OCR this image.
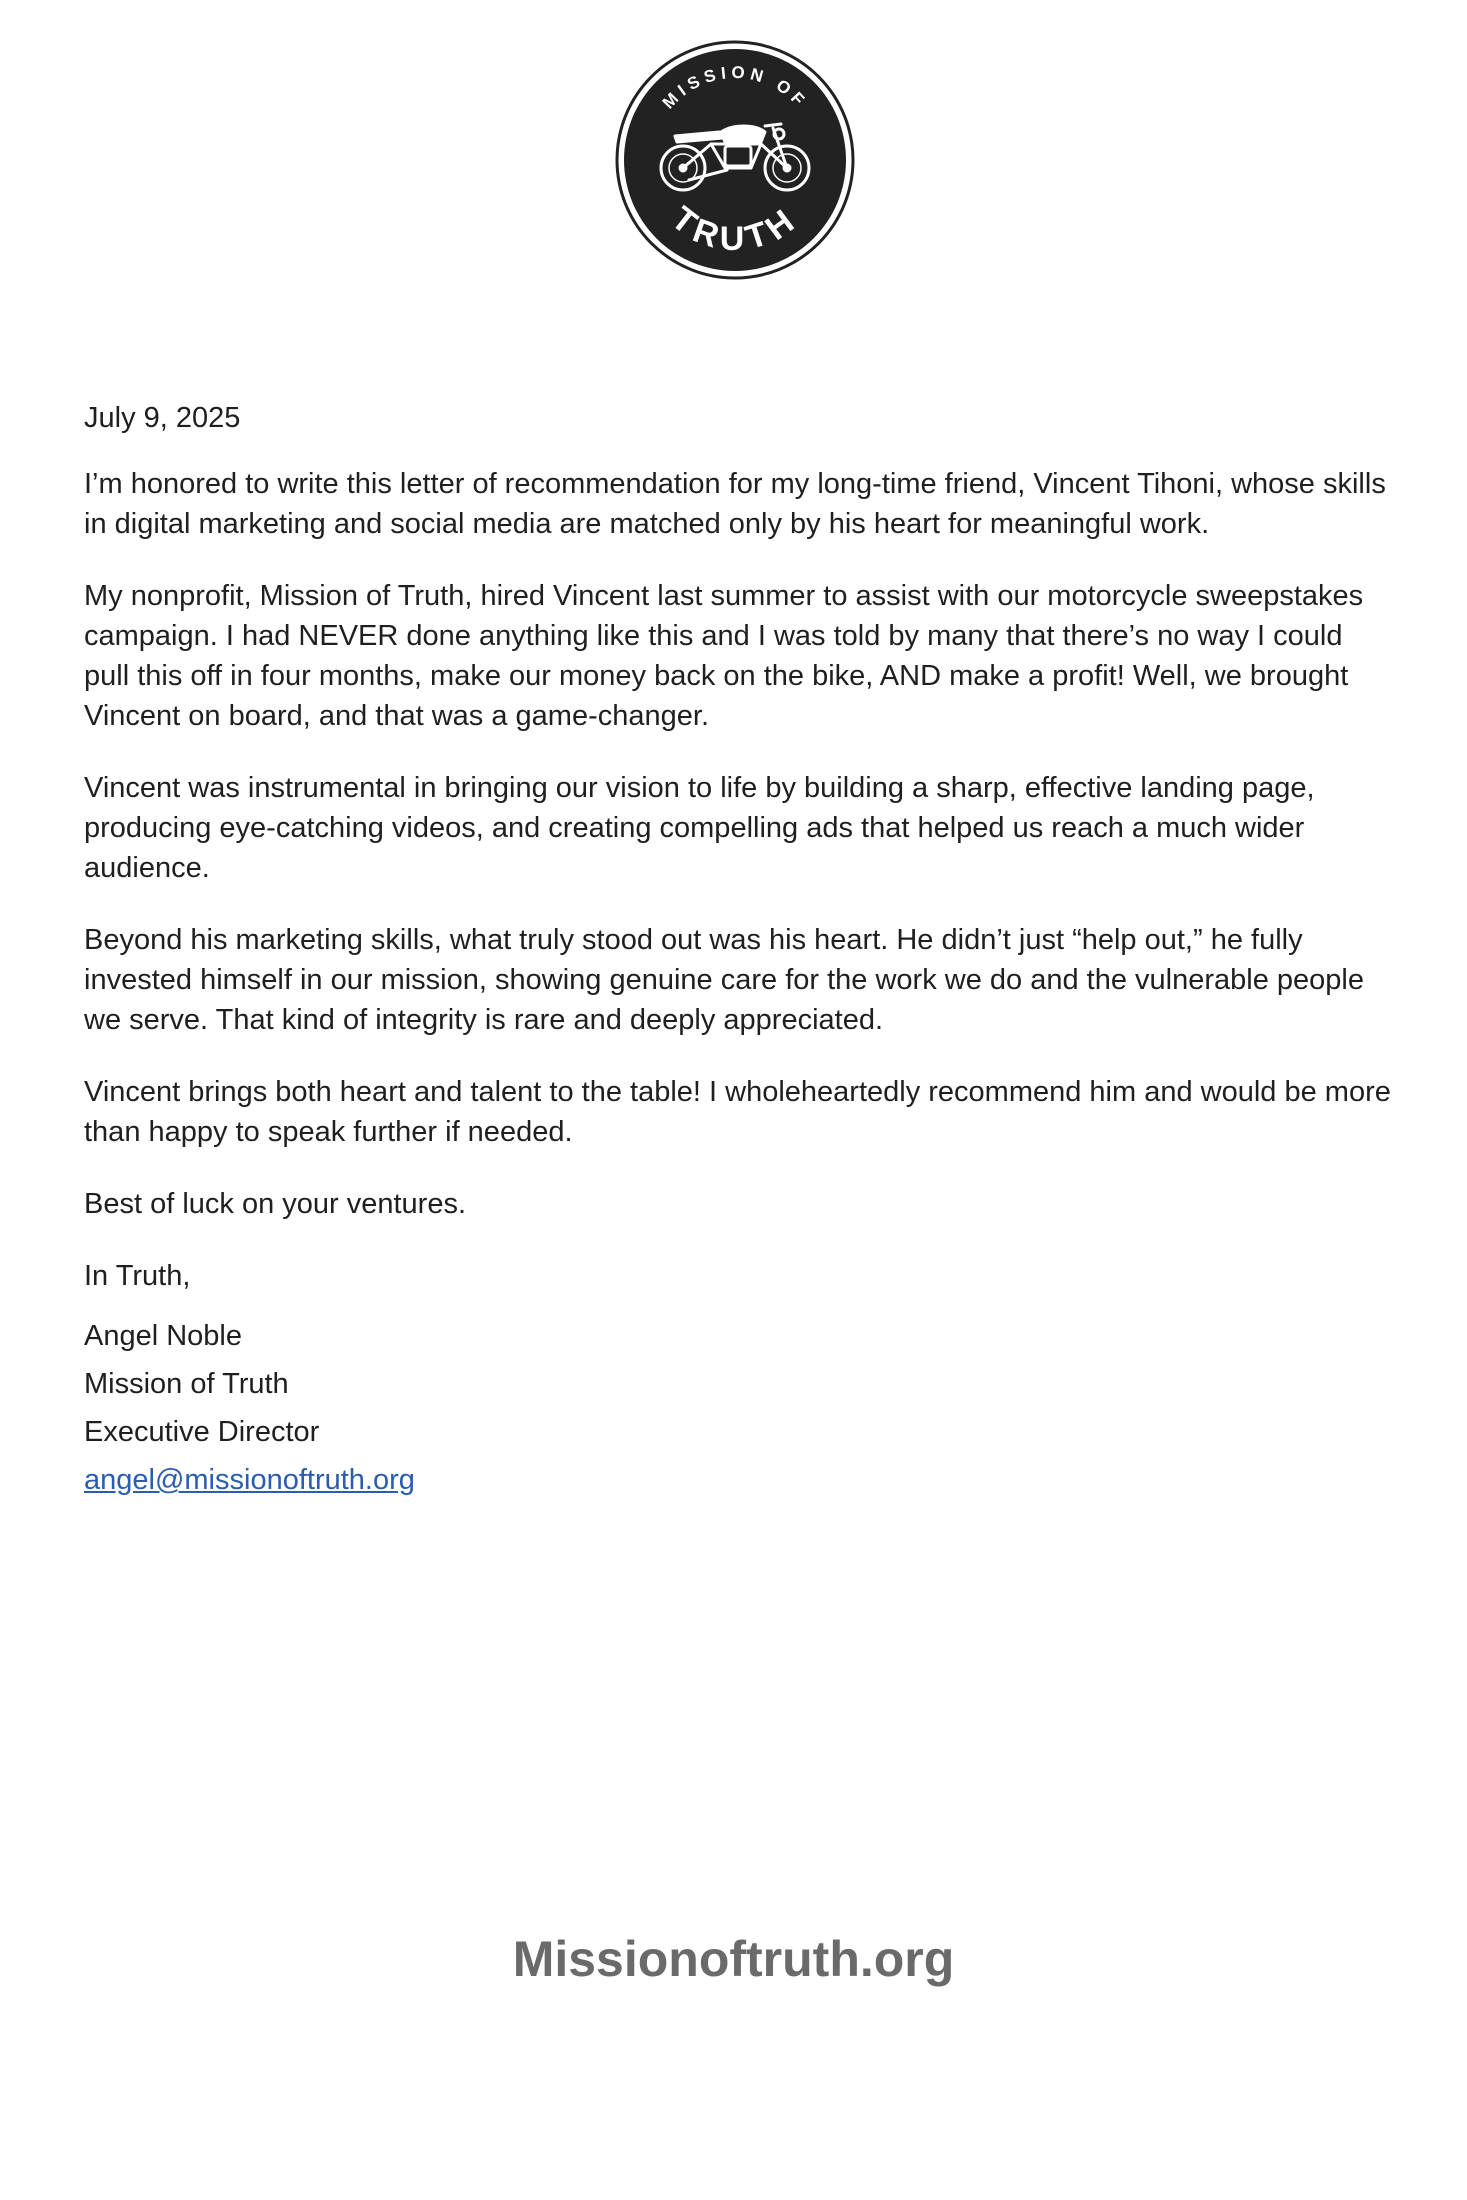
MISSION OF
TRUTH

July 9, 2025

I’m honored to write this letter of recommendation for my long-time friend, Vincent Tihoni, whose skills in digital marketing and social media are matched only by his heart for meaningful work.

My nonprofit, Mission of Truth, hired Vincent last summer to assist with our motorcycle sweepstakes campaign. I had NEVER done anything like this and I was told by many that there’s no way I could pull this off in four months, make our money back on the bike, AND make a profit! Well, we brought Vincent on board, and that was a game-changer.

Vincent was instrumental in bringing our vision to life by building a sharp, effective landing page, producing eye-catching videos, and creating compelling ads that helped us reach a much wider audience.

Beyond his marketing skills, what truly stood out was his heart. He didn’t just “help out,” he fully invested himself in our mission, showing genuine care for the work we do and the vulnerable people we serve. That kind of integrity is rare and deeply appreciated.

Vincent brings both heart and talent to the table! I wholeheartedly recommend him and would be more than happy to speak further if needed.

Best of luck on your ventures.

In Truth,

Angel Noble

Mission of Truth

Executive Director

angel@missionoftruth.org

Missionoftruth.org
